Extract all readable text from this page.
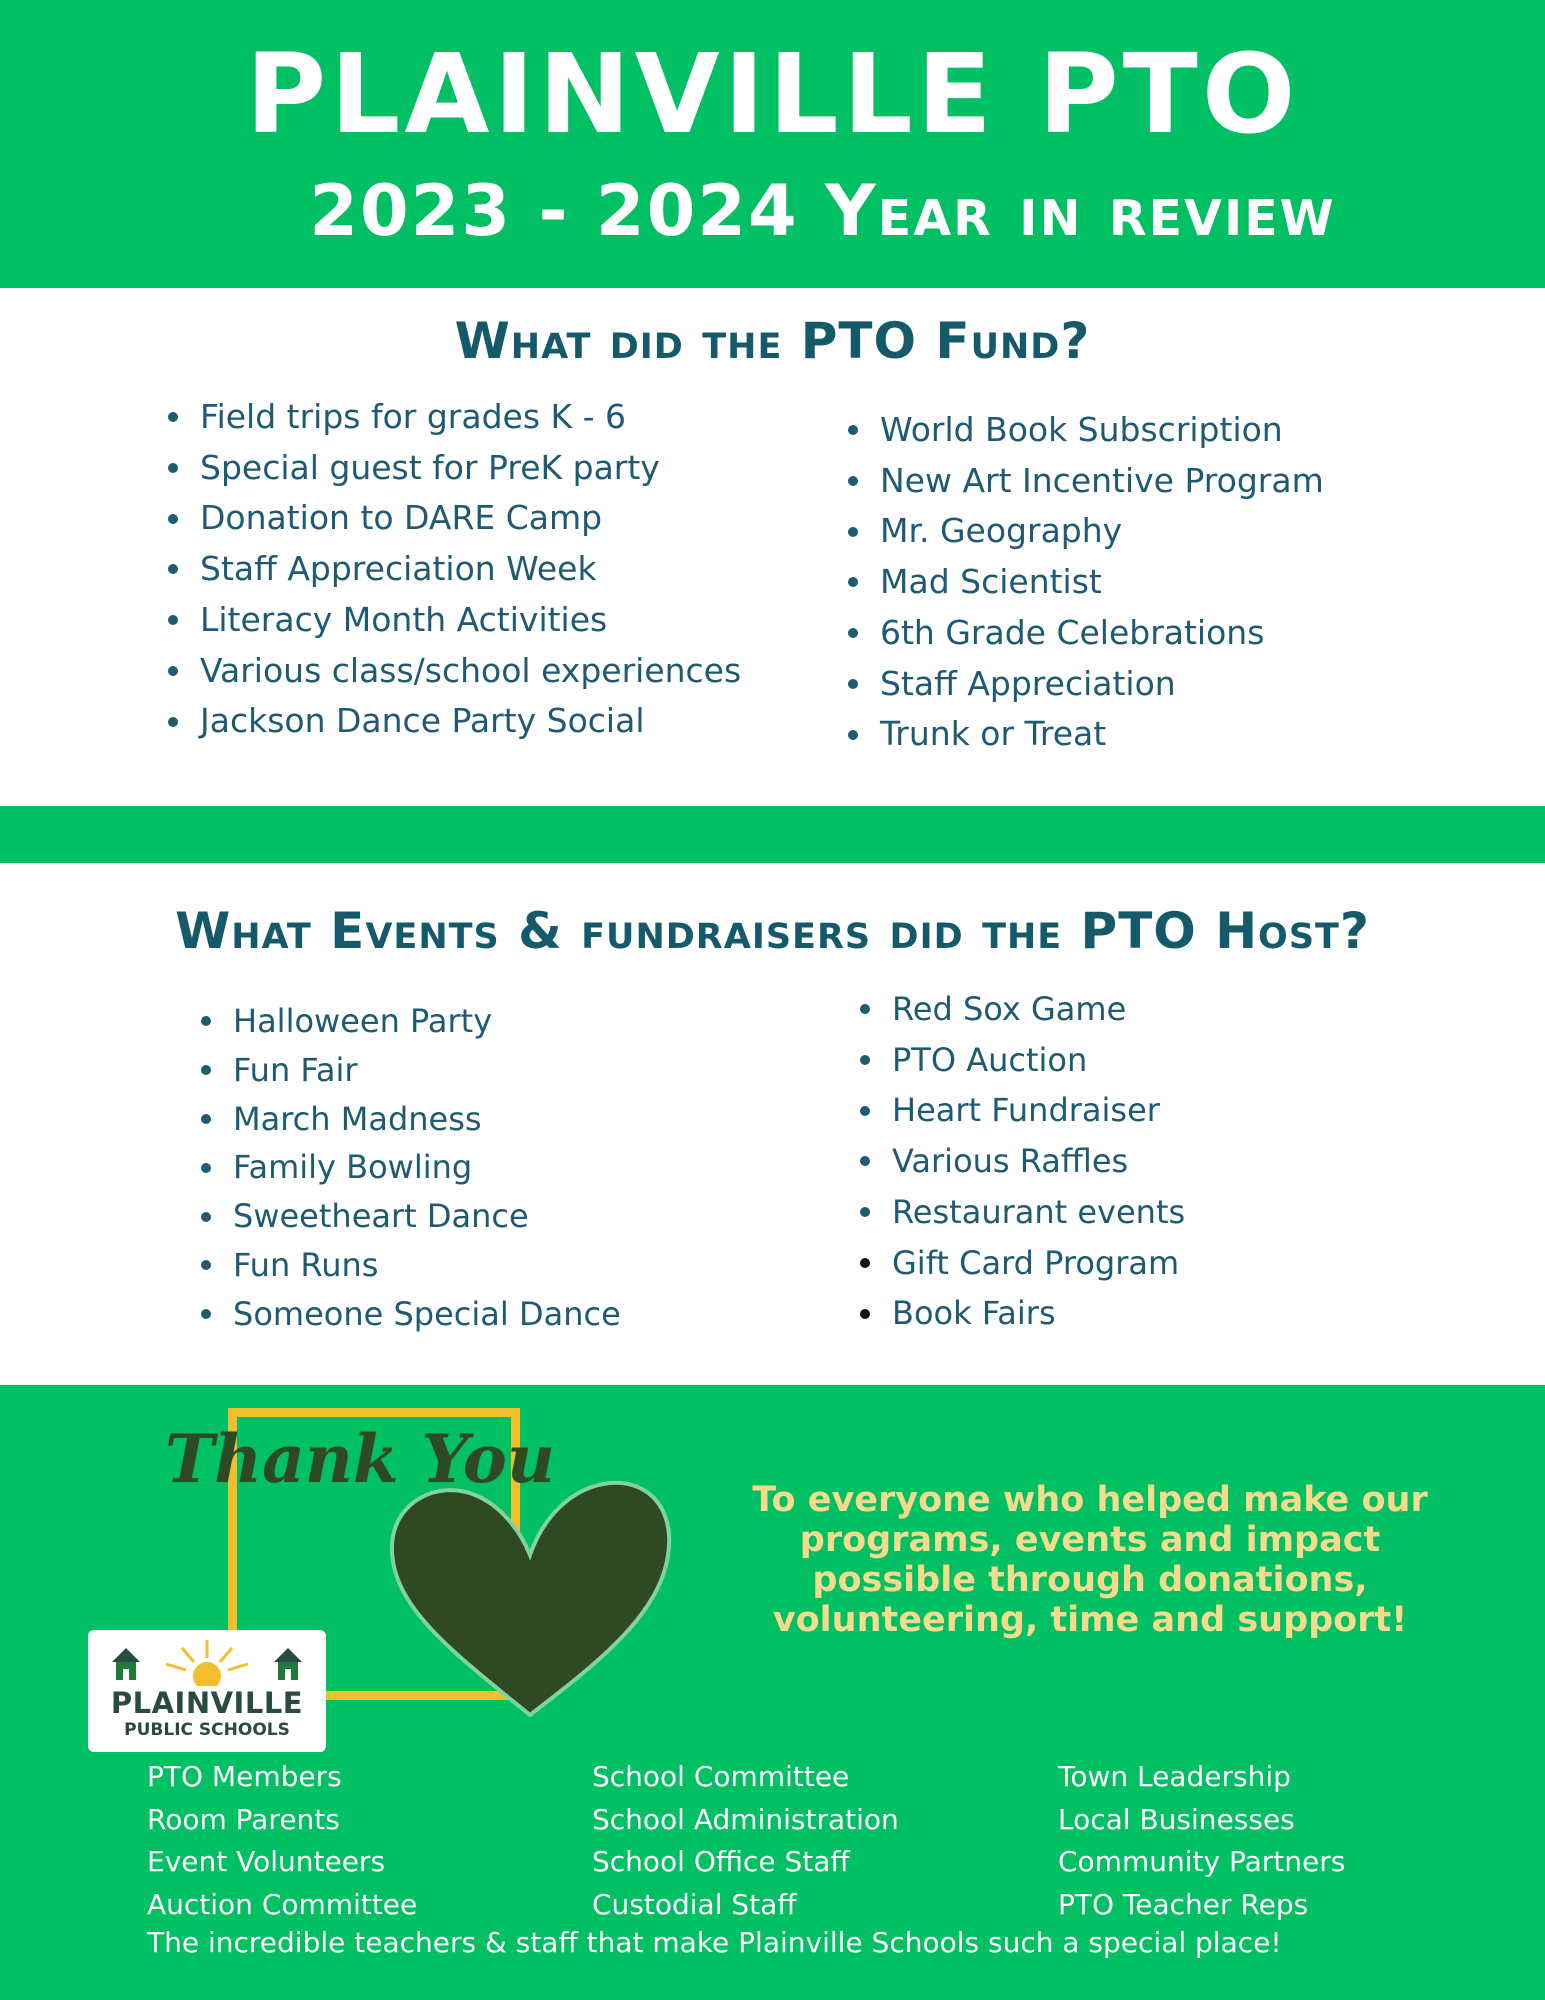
PLAINVILLE PTO
2023 - 2024 Year in review
What did the PTO Fund?
Field trips for grades K - 6
Special guest for PreK party
Donation to DARE Camp
Staff Appreciation Week
Literacy Month Activities
Various class/school experiences
Jackson Dance Party Social
World Book Subscription
New Art Incentive Program
Mr. Geography
Mad Scientist
6th Grade Celebrations
Staff Appreciation
Trunk or Treat
What Events & fundraisers did the PTO Host?
Halloween Party
Fun Fair
March Madness
Family Bowling
Sweetheart Dance
Fun Runs
Someone Special Dance
Red Sox Game
PTO Auction
Heart Fundraiser
Various Raffles
Restaurant events
Gift Card Program
Book Fairs
Thank You
To everyone who helped make our programs, events and impact possible through donations, volunteering, time and support!
PLAINVILLE
PUBLIC SCHOOLS
PTO Members
Room Parents
Event Volunteers
Auction Committee
School Committee
School Administration
School Office Staff
Custodial Staff
Town Leadership
Local Businesses
Community Partners
PTO Teacher Reps
The incredible teachers & staff that make Plainville Schools such a special place!
